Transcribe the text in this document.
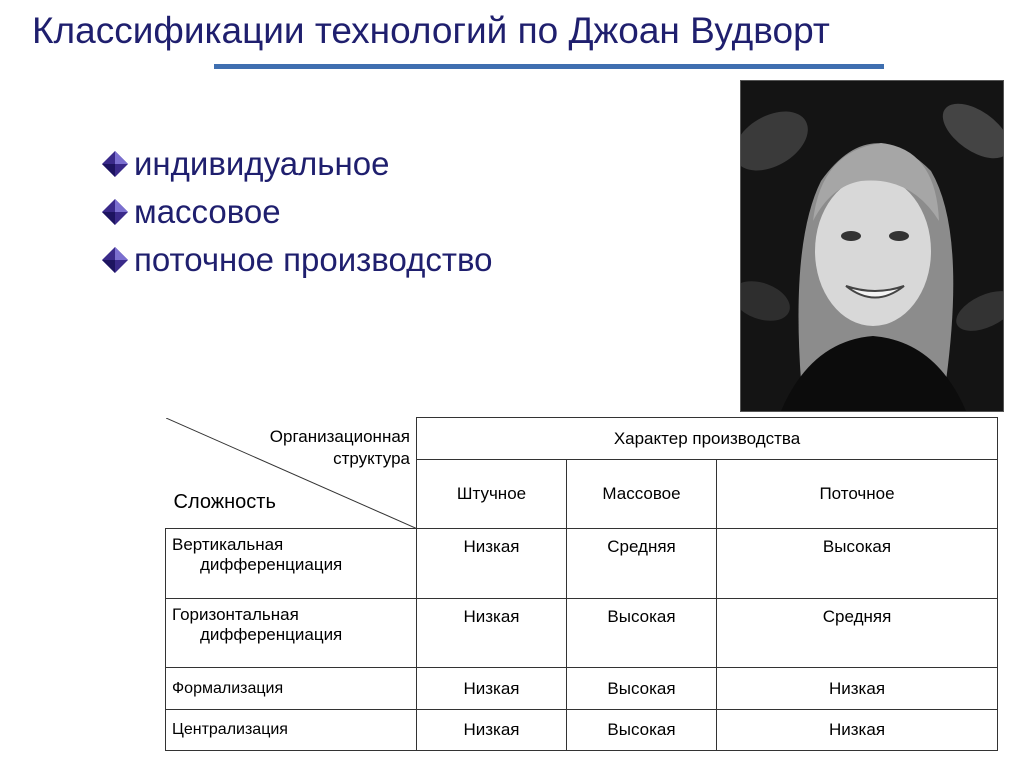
Классификации технологий по Джоан Вудворт
индивидуальное
массовое
поточное производство
Организационная
структура
Сложность	Характер производства		
	Штучное	Массовое	Поточное

Вертикальная
дифференциация	Низкая	Средняя	Высокая

Горизонтальная
дифференциация	Низкая	Высокая	Средняя

Формализация	Низкая	Высокая	Низкая

Централизация	Низкая	Высокая	Низкая
